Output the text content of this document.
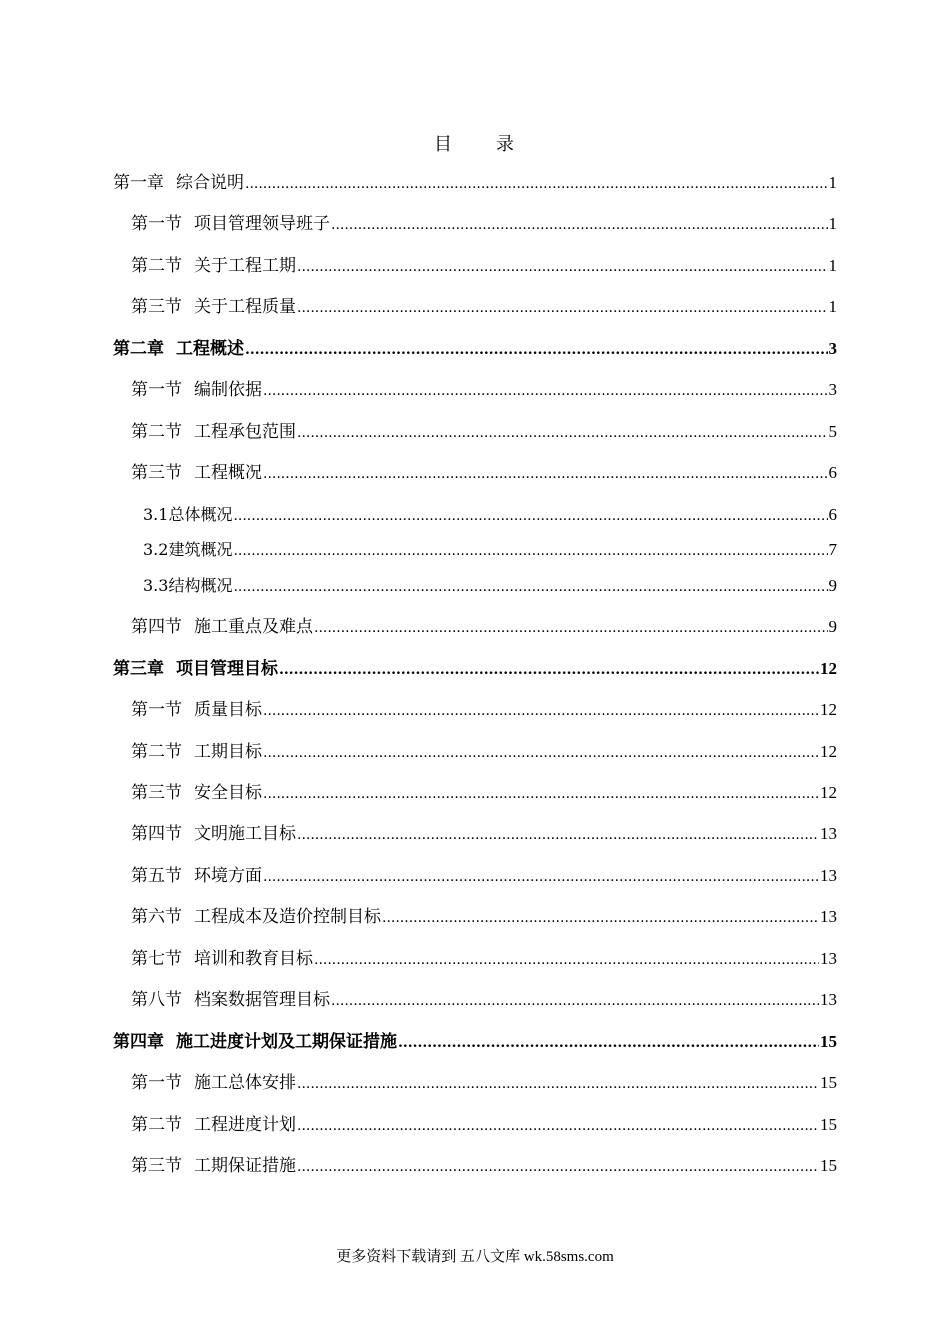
目 录
第一章 综合说明 .....	1
第一节 项目管理领导班子 .....	1
第二节 关于工程工期 .....	1
第三节 关于工程质量 .....	1
第二章 工程概述 .....	3
第一节 编制依据 .....	3
第二节 工程承包范围 .....	5
第三节 工程概况 .....	6
3.1总体概况 .....	6
3.2建筑概况 .....	7
3.3结构概况 .....	9
第四节 施工重点及难点 .....	9
第三章 项目管理目标 .....	12
第一节 质量目标 .....	12
第二节 工期目标 .....	12
第三节 安全目标 .....	12
第四节 文明施工目标 .....	13
第五节 环境方面 .....	13
第六节 工程成本及造价控制目标 .....	13
第七节 培训和教育目标 .....	13
第八节 档案数据管理目标 .....	13
第四章 施工进度计划及工期保证措施 .....	15
第一节 施工总体安排 .....	15
第二节 工程进度计划 .....	15
第三节 工期保证措施 .....	15
更多资料下载请到 五八文库 wk.58sms.com
